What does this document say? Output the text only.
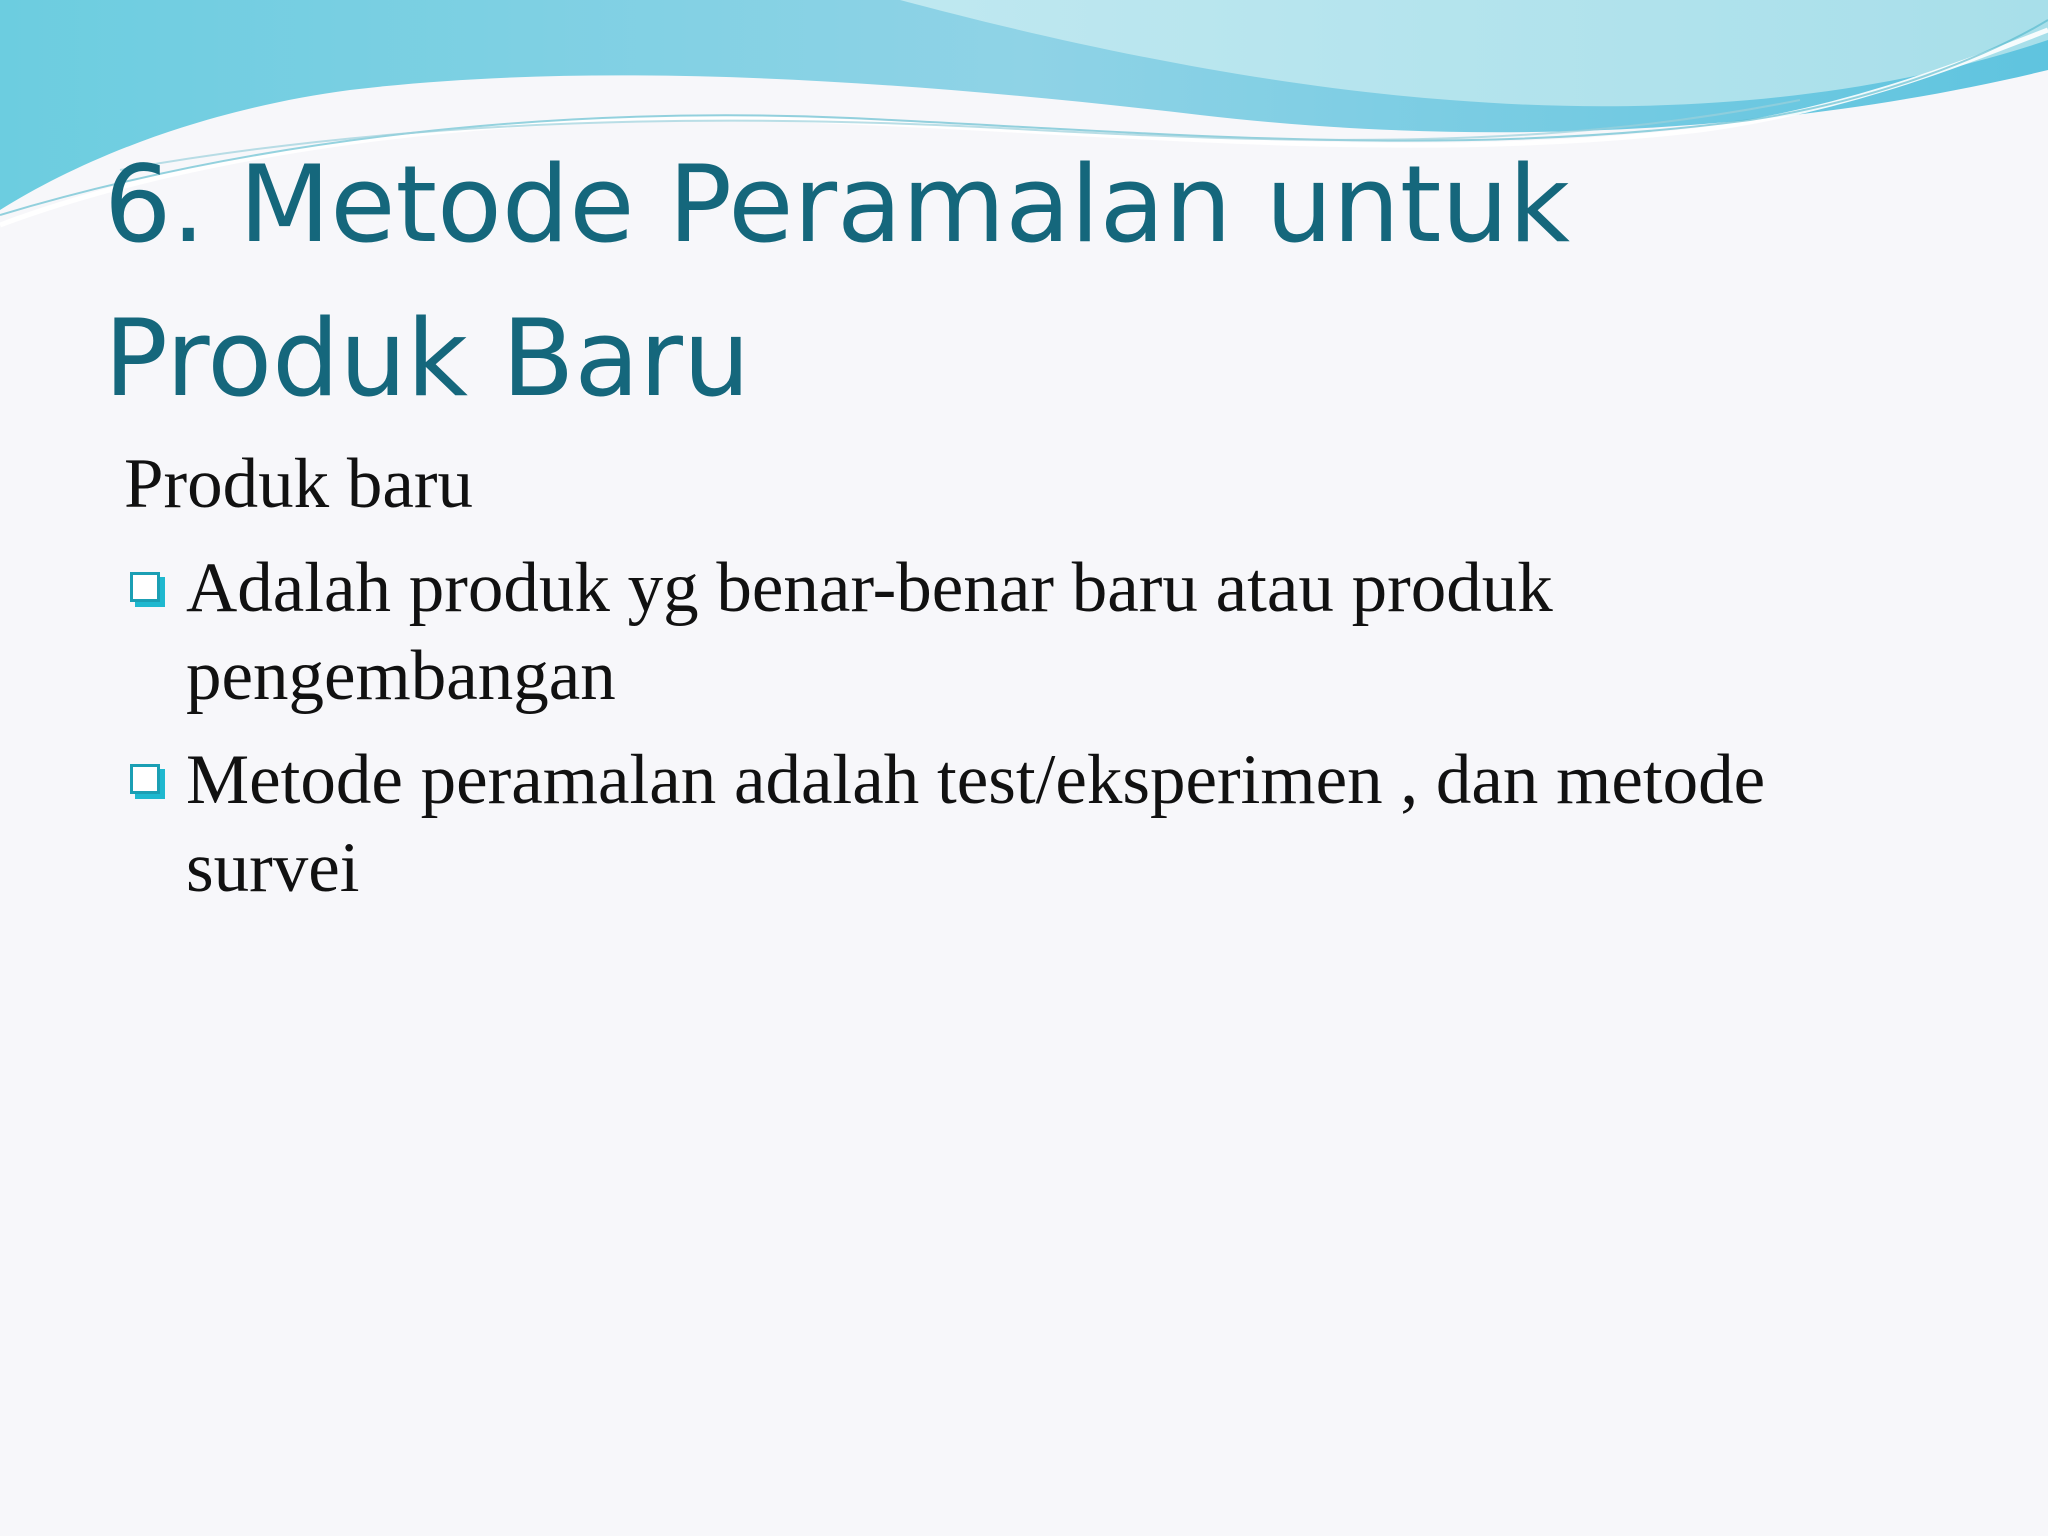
6. Metode Peramalan untuk Produk Baru

Produk baru

Adalah produk yg benar-benar baru atau produk pengembangan
Metode peramalan adalah test/eksperimen , dan metode survei
